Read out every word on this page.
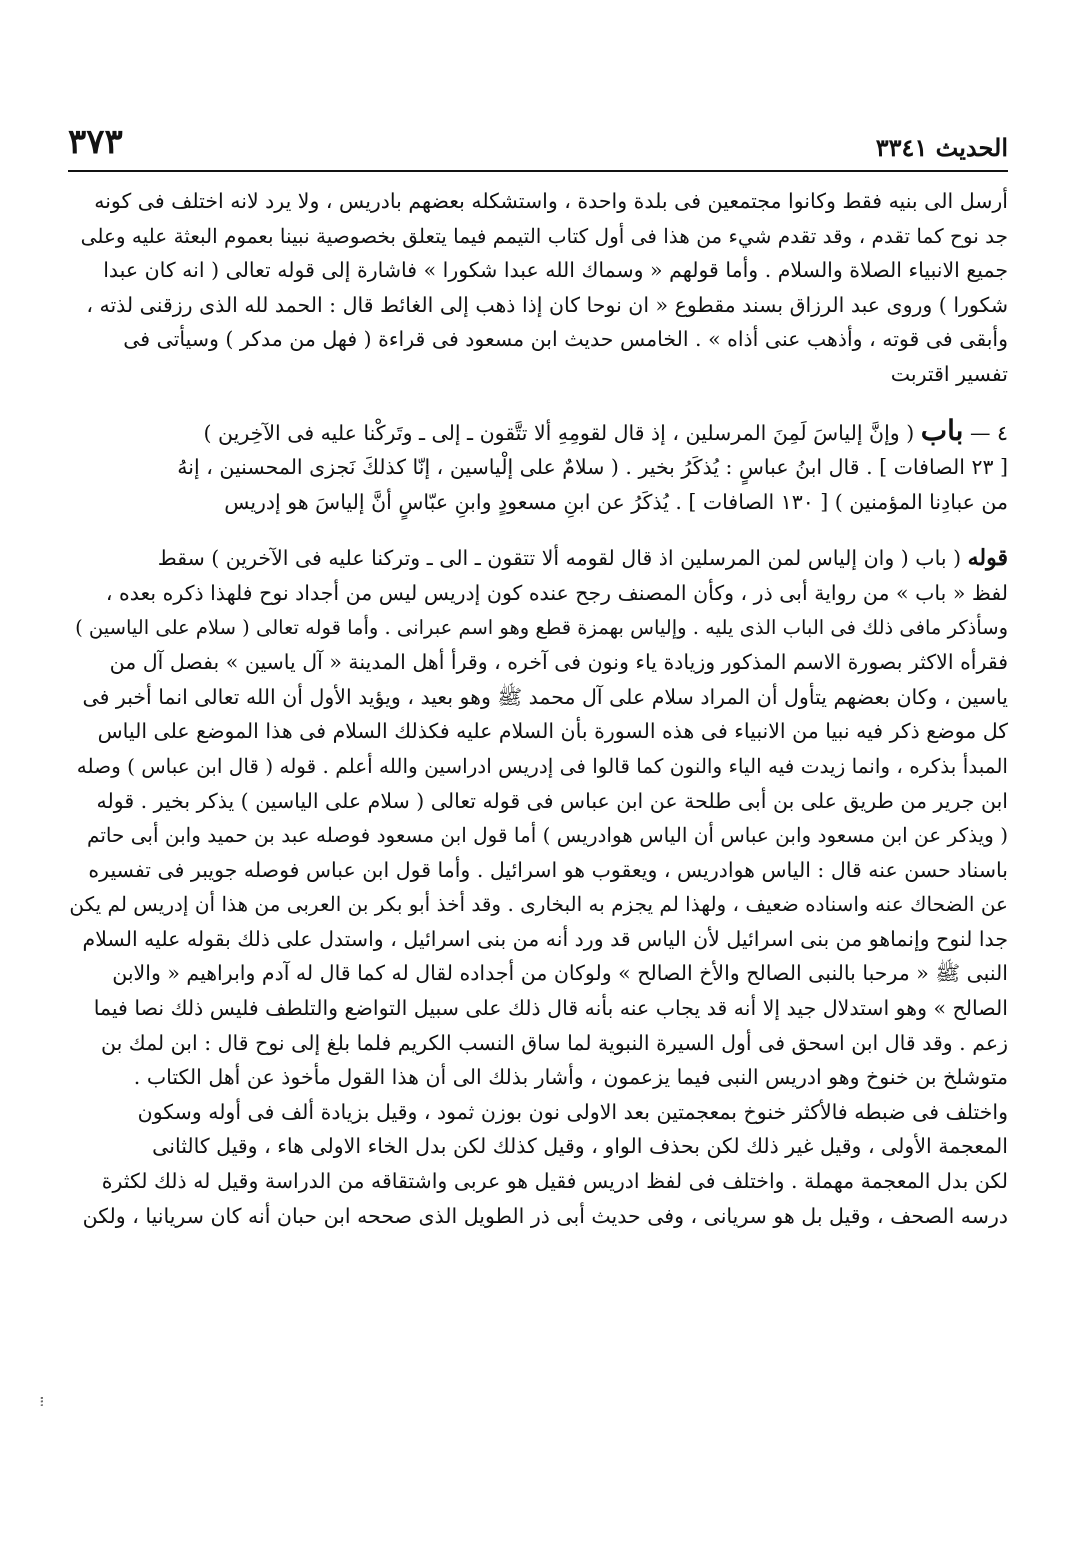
الحديث ٣٣٤١
٣٧٣

أرسل الى بنيه فقط وكانوا مجتمعين فى بلدة واحدة ، واستشكله بعضهم بادريس ، ولا يرد لانه اختلف فى كونه

جد نوح كما تقدم ، وقد تقدم شيء من هذا فى أول كتاب التيمم فيما يتعلق بخصوصية نبينا بعموم البعثة عليه وعلى

جميع الانبياء الصلاة والسلام . وأما قولهم « وسماك الله عبدا شكورا » فاشارة إلى قوله تعالى ( انه كان عبدا

شكورا ) وروى عبد الرزاق بسند مقطوع « ان نوحا كان إذا ذهب إلى الغائط قال : الحمد لله الذى رزقنى لذته ،

وأبقى فى قوته ، وأذهب عنى أذاه » . الخامس حديث ابن مسعود فى قراءة ( فهل من مدكر ) وسيأتى فى

تفسير اقتربت

٤ — باب ( وإنَّ إلياسَ لَمِنَ المرسلين ، إذ قال لقومِهِ ألا تتَّقون ـ إلى ـ وتَركْنا عليه فى الآخِرين )

[ ٢٣ الصافات ] . قال ابنُ عباسٍ : يُذكَرُ بخير . ( سلامٌ على إلْياسين ، إنّا كذلكَ نَجزى المحسنين ، إنهُ

من عبادِنا المؤمنين ) [ ١٣٠ الصافات ] . يُذكَرُ عن ابنِ مسعودٍ وابنِ عبّاسٍ أنَّ إلياسَ هو إدريس

قوله ( باب ( وان إلياس لمن المرسلين اذ قال لقومه ألا تتقون ـ الى ـ وتركنا عليه فى الآخرين ) سقط

لفظ « باب » من رواية أبى ذر ، وكأن المصنف رجح عنده كون إدريس ليس من أجداد نوح فلهذا ذكره بعده ،

وسأذكر مافى ذلك فى الباب الذى يليه . وإلياس بهمزة قطع وهو اسم عبرانى . وأما قوله تعالى ( سلام على الياسين )

فقرأه الاكثر بصورة الاسم المذكور وزيادة ياء ونون فى آخره ، وقرأ أهل المدينة « آل ياسين » بفصل آل من

ياسين ، وكان بعضهم يتأول أن المراد سلام على آل محمد ﷺ وهو بعيد ، ويؤيد الأول أن الله تعالى انما أخبر فى

كل موضع ذكر فيه نبيا من الانبياء فى هذه السورة بأن السلام عليه فكذلك السلام فى هذا الموضع على الياس

المبدأ بذكره ، وانما زيدت فيه الياء والنون كما قالوا فى إدريس ادراسين والله أعلم . قوله ( قال ابن عباس ) وصله

ابن جرير من طريق على بن أبى طلحة عن ابن عباس فى قوله تعالى ( سلام على الياسين ) يذكر بخير . قوله

( ويذكر عن ابن مسعود وابن عباس أن الياس هوادريس ) أما قول ابن مسعود فوصله عبد بن حميد وابن أبى حاتم

باسناد حسن عنه قال : الياس هوادريس ، ويعقوب هو اسرائيل . وأما قول ابن عباس فوصله جويبر فى تفسيره

عن الضحاك عنه واسناده ضعيف ، ولهذا لم يجزم به البخارى . وقد أخذ أبو بكر بن العربى من هذا أن إدريس لم يكن

جدا لنوح وإنماهو من بنى اسرائيل لأن الياس قد ورد أنه من بنى اسرائيل ، واستدل على ذلك بقوله عليه السلام

النبى ﷺ « مرحبا بالنبى الصالح والأخ الصالح » ولوكان من أجداده لقال له كما قال له آدم وابراهيم « والابن

الصالح » وهو استدلال جيد إلا أنه قد يجاب عنه بأنه قال ذلك على سبيل التواضع والتلطف فليس ذلك نصا فيما

زعم . وقد قال ابن اسحق فى أول السيرة النبوية لما ساق النسب الكريم فلما بلغ إلى نوح قال : ابن لمك بن

متوشلخ بن خنوخ وهو ادريس النبى فيما يزعمون ، وأشار بذلك الى أن هذا القول مأخوذ عن أهل الكتاب .

واختلف فى ضبطه فالأكثر خنوخ بمعجمتين بعد الاولى نون بوزن ثمود ، وقيل بزيادة ألف فى أوله وسكون

المعجمة الأولى ، وقيل غير ذلك لكن بحذف الواو ، وقيل كذلك لكن بدل الخاء الاولى هاء ، وقيل كالثانى

لكن بدل المعجمة مهملة . واختلف فى لفظ ادريس فقيل هو عربى واشتقاقه من الدراسة وقيل له ذلك لكثرة

درسه الصحف ، وقيل بل هو سريانى ، وفى حديث أبى ذر الطويل الذى صححه ابن حبان أنه كان سريانيا ، ولكن

፧
